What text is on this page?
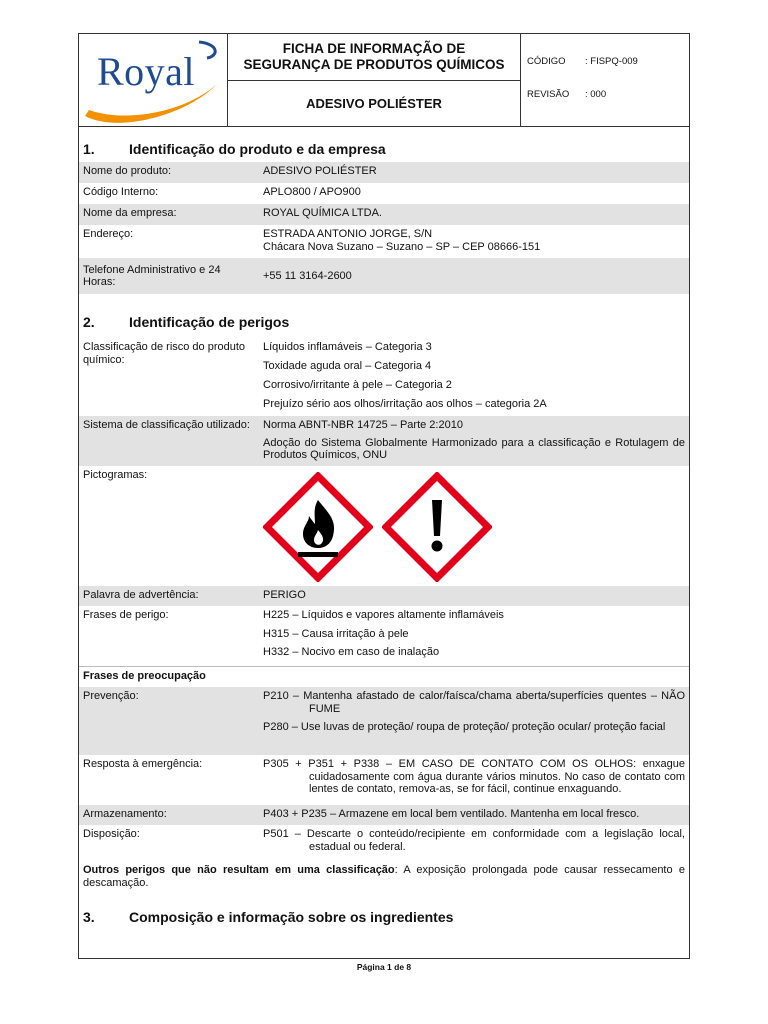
Royal
FICHA DE INFORMAÇÃO DE
SEGURANÇA DE PRODUTOS QUÍMICOS
ADESIVO POLIÉSTER
CÓDIGO	: FISPQ-009
REVISÃO	: 000
1.	Identificação do produto e da empresa
Nome do produto:	ADESIVO POLIÉSTER
Código Interno:	APLO800 / APO900
Nome da empresa:	ROYAL QUÍMICA LTDA.
Endereço:	ESTRADA ANTONIO JORGE, S/N
Chácara Nova Suzano – Suzano – SP – CEP 08666-151
Telefone Administrativo e 24 Horas:
+55 11 3164-2600
2.	Identificação de perigos
Classificação de risco do produto químico:
Líquidos inflamáveis – Categoria 3
Toxidade aguda oral – Categoria 4
Corrosivo/irritante à pele – Categoria 2
Prejuízo sério aos olhos/irritação aos olhos – categoria 2A
Sistema de classificação utilizado:	Norma ABNT-NBR 14725 – Parte 2:2010
Adoção do Sistema Globalmente Harmonizado para a classificação e Rotulagem de Produtos Químicos, ONU
Pictogramas:

Palavra de advertência:	PERIGO
Frases de perigo:	H225 – Líquidos e vapores altamente inflamáveis
H315 – Causa irritação à pele
H332 – Nocivo em caso de inalação
Frases de preocupação
Prevenção:	P210 – Mantenha afastado de calor/faísca/chama aberta/superfícies quentes – NÃO FUME
P280 – Use luvas de proteção/ roupa de proteção/ proteção ocular/ proteção facial
Resposta à emergência:	P305 + P351 + P338 – EM CASO DE CONTATO COM OS OLHOS: enxague cuidadosamente com água durante vários minutos. No caso de contato com lentes de contato, remova-as, se for fácil, continue enxaguando.
Armazenamento:	P403 + P235 – Armazene em local bem ventilado. Mantenha em local fresco.
Disposição:	P501 – Descarte o conteúdo/recipiente em conformidade com a legislação local, estadual ou federal.
Outros perigos que não resultam em uma classificação: A exposição prolongada pode causar ressecamento e descamação.
3.	Composição e informação sobre os ingredientes
Página 1 de 8
